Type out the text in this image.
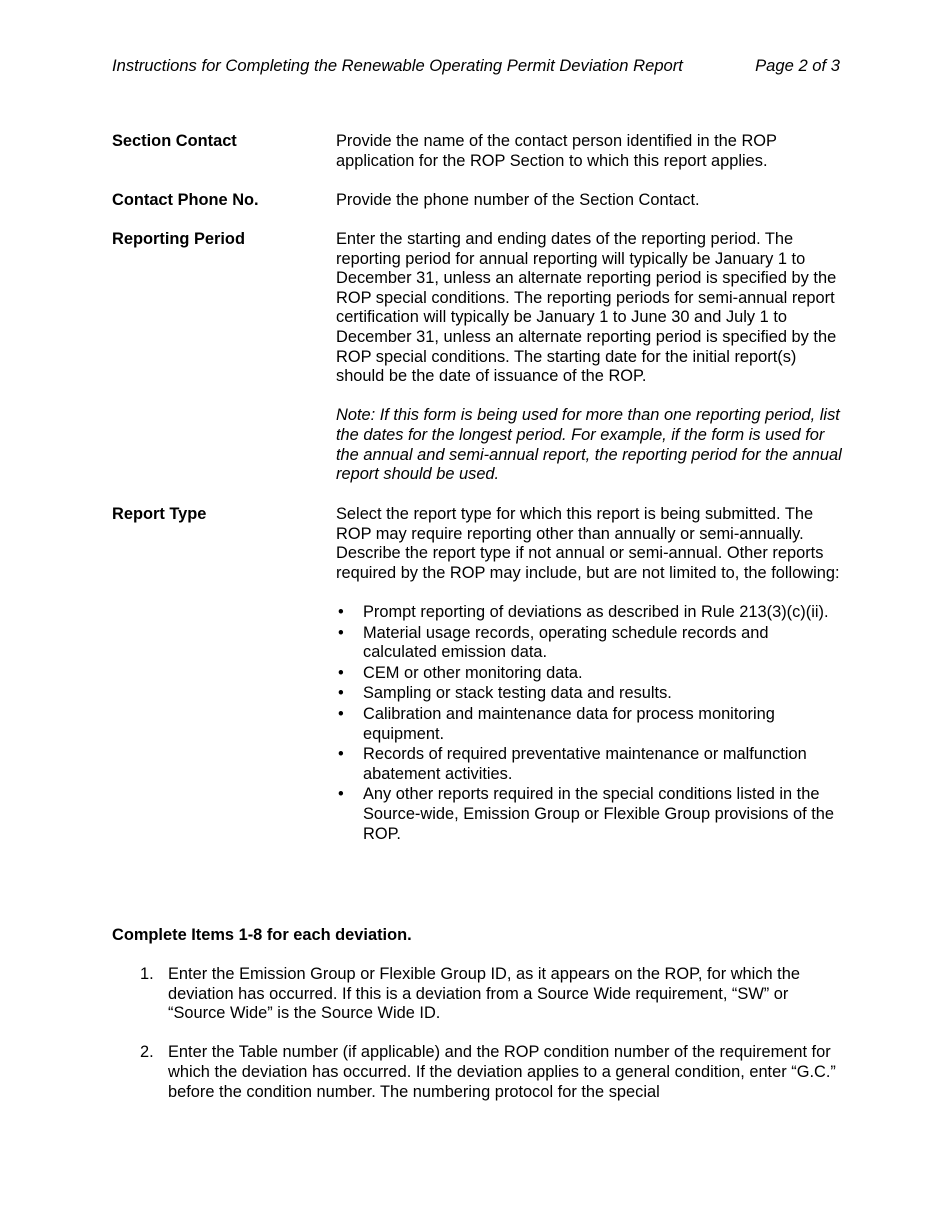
Instructions for Completing the Renewable Operating Permit Deviation Report	Page 2 of 3
Section Contact	Provide the name of the contact person identified in the ROP application for the ROP Section to which this report applies.

Contact Phone No.	Provide the phone number of the Section Contact.

Reporting Period	Enter the starting and ending dates of the reporting period. The reporting period for annual reporting will typically be January 1 to December 31, unless an alternate reporting period is specified by the ROP special conditions. The reporting periods for semi-annual report certification will typically be January 1 to June 30 and July 1 to December 31, unless an alternate reporting period is specified by the ROP special conditions. The starting date for the initial report(s) should be the date of issuance of the ROP.

Note: If this form is being used for more than one reporting period, list the dates for the longest period. For example, if the form is used for the annual and semi-annual report, the reporting period for the annual report should be used.

Report Type	Select the report type for which this report is being submitted. The ROP may require reporting other than annually or semi-annually. Describe the report type if not annual or semi-annual. Other reports required by the ROP may include, but are not limited to, the following:

• Prompt reporting of deviations as described in Rule 213(3)(c)(ii).
• Material usage records, operating schedule records and calculated emission data.
• CEM or other monitoring data.
• Sampling or stack testing data and results.
• Calibration and maintenance data for process monitoring equipment.
• Records of required preventative maintenance or malfunction abatement activities.
• Any other reports required in the special conditions listed in the Source-wide, Emission Group or Flexible Group provisions of the ROP.
Complete Items 1-8 for each deviation.
1. Enter the Emission Group or Flexible Group ID, as it appears on the ROP, for which the deviation has occurred. If this is a deviation from a Source Wide requirement, “SW” or “Source Wide” is the Source Wide ID.
2. Enter the Table number (if applicable) and the ROP condition number of the requirement for which the deviation has occurred. If the deviation applies to a general condition, enter “G.C.” before the condition number. The numbering protocol for the special
